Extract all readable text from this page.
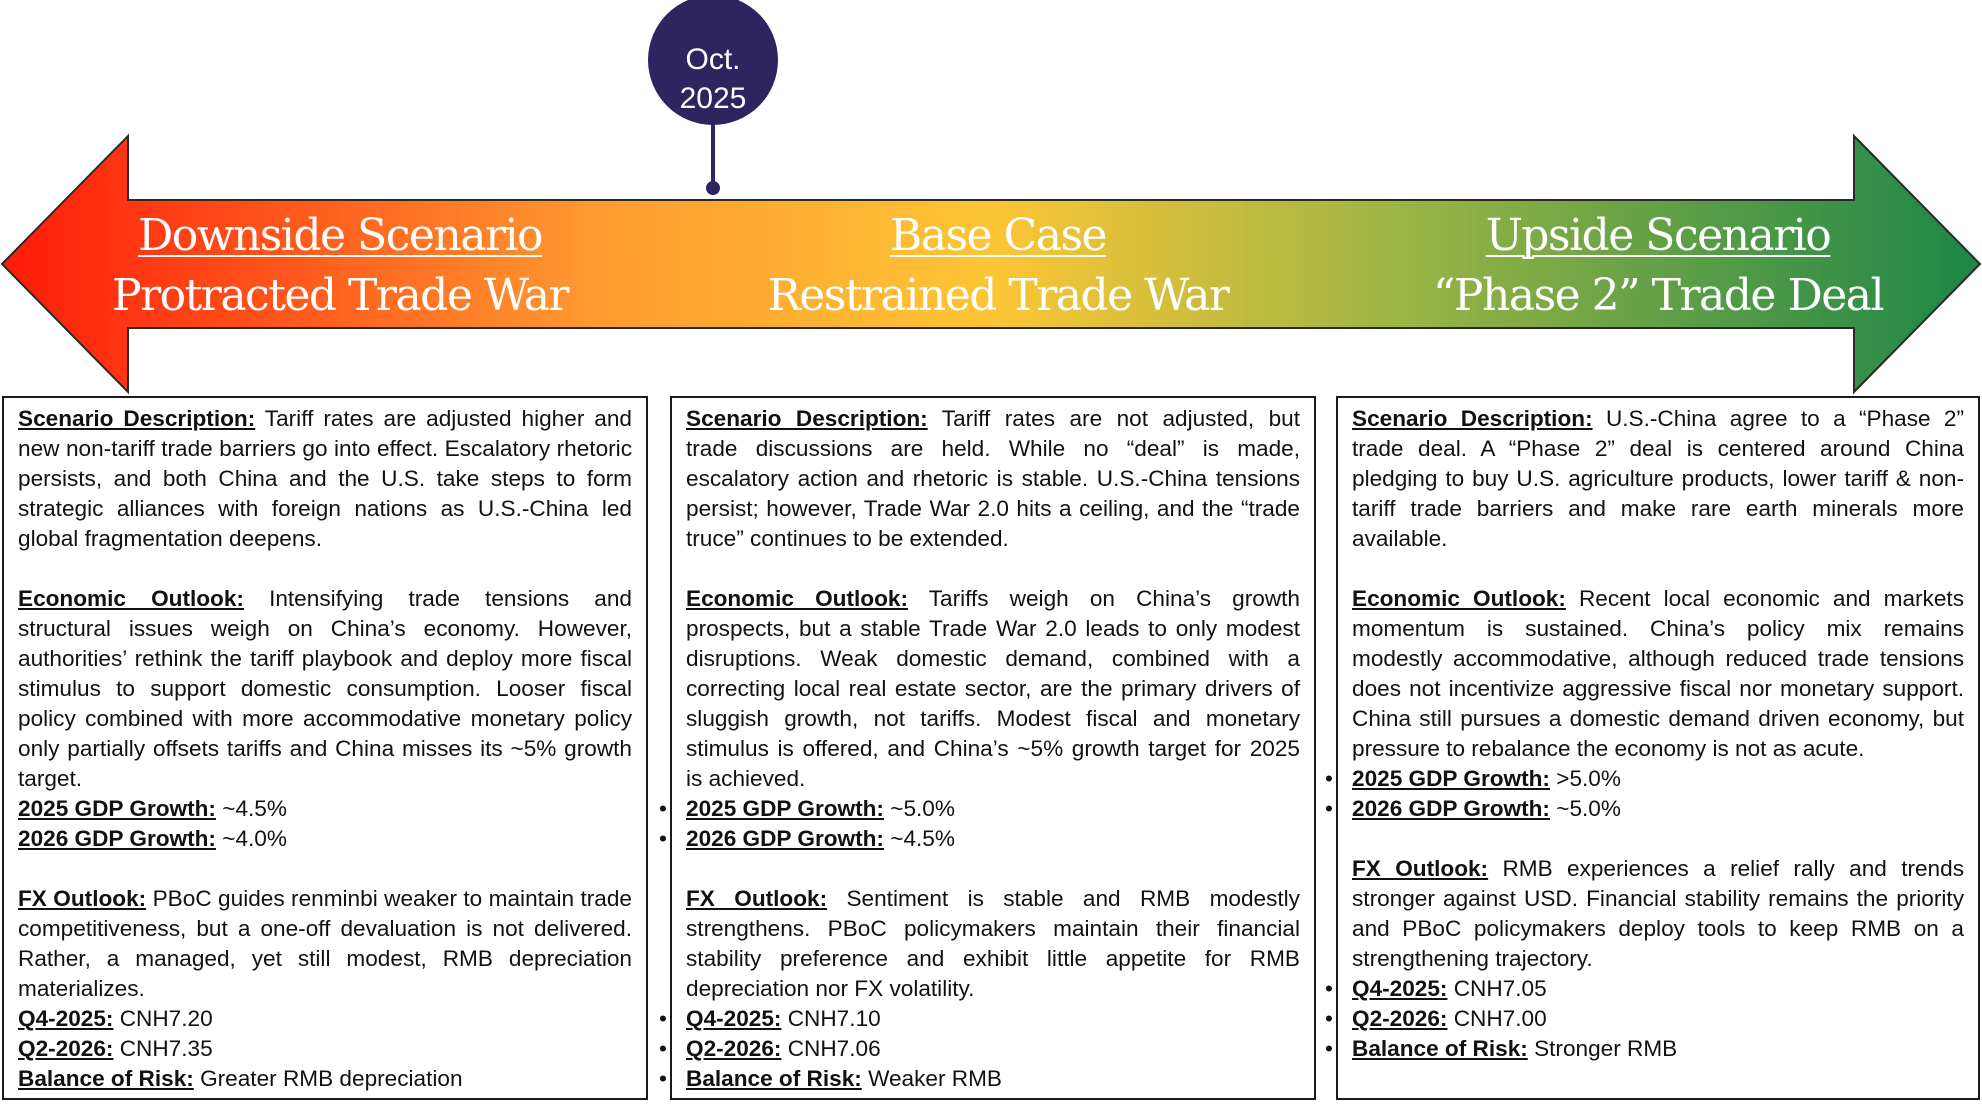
Oct.
2025
Downside Scenario
Protracted Trade War
Base Case
Restrained Trade War
Upside Scenario
“Phase 2” Trade Deal

Scenario Description: Tariff rates are adjusted higher and new non-tariff trade barriers go into effect. Escalatory rhetoric persists, and both China and the U.S. take steps to form strategic alliances with foreign nations as U.S.-China led global fragmentation deepens.

Economic Outlook: Intensifying trade tensions and structural issues weigh on China’s economy. However, authorities’ rethink the tariff playbook and deploy more fiscal stimulus to support domestic consumption. Looser fiscal policy combined with more accommodative monetary policy only partially offsets tariffs and China misses its ~5% growth target.

• 2025 GDP Growth: ~4.5%
• 2026 GDP Growth: ~4.0%

FX Outlook: PBoC guides renminbi weaker to maintain trade competitiveness, but a one-off devaluation is not delivered. Rather, a managed, yet still modest, RMB depreciation materializes.

• Q4-2025: CNH7.20
• Q2-2026: CNH7.35
• Balance of Risk: Greater RMB depreciation

Scenario Description: Tariff rates are not adjusted, but trade discussions are held. While no “deal” is made, escalatory action and rhetoric is stable. U.S.-China tensions persist; however, Trade War 2.0 hits a ceiling, and the “trade truce” continues to be extended.

Economic Outlook: Tariffs weigh on China’s growth prospects, but a stable Trade War 2.0 leads to only modest disruptions. Weak domestic demand, combined with a correcting local real estate sector, are the primary drivers of sluggish growth, not tariffs. Modest fiscal and monetary stimulus is offered, and China’s ~5% growth target for 2025 is achieved.

• 2025 GDP Growth: ~5.0%
• 2026 GDP Growth: ~4.5%

FX Outlook: Sentiment is stable and RMB modestly strengthens. PBoC policymakers maintain their financial stability preference and exhibit little appetite for RMB depreciation nor FX volatility.

• Q4-2025: CNH7.10
• Q2-2026: CNH7.06
• Balance of Risk: Weaker RMB

Scenario Description: U.S.-China agree to a “Phase 2” trade deal. A “Phase 2” deal is centered around China pledging to buy U.S. agriculture products, lower tariff & non-tariff trade barriers and make rare earth minerals more available.

Economic Outlook: Recent local economic and markets momentum is sustained. China’s policy mix remains modestly accommodative, although reduced trade tensions does not incentivize aggressive fiscal nor monetary support. China still pursues a domestic demand driven economy, but pressure to rebalance the economy is not as acute.

• 2025 GDP Growth: >5.0%
• 2026 GDP Growth: ~5.0%

FX Outlook: RMB experiences a relief rally and trends stronger against USD. Financial stability remains the priority and PBoC policymakers deploy tools to keep RMB on a strengthening trajectory.

• Q4-2025: CNH7.05
• Q2-2026: CNH7.00
• Balance of Risk: Stronger RMB
